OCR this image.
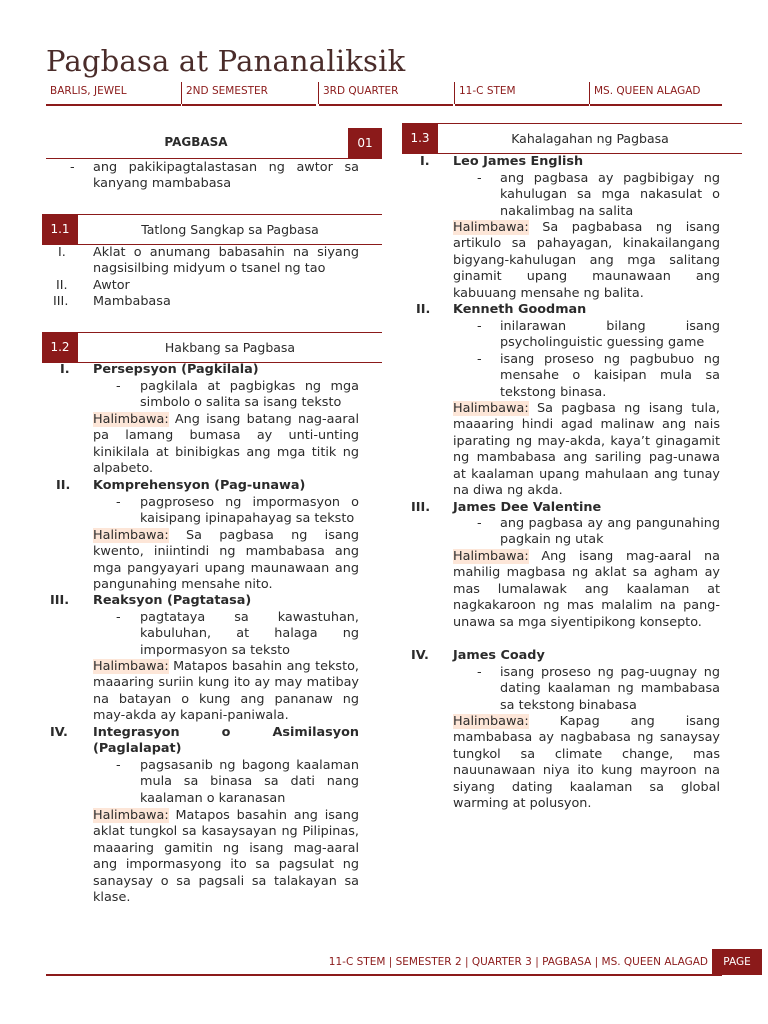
Pagbasa at Pananaliksik
BARLIS, JEWEL	2ND SEMESTER	3RD QUARTER	11-C STEM	MS. QUEEN ALAGAD
PAGBASA	01
- ang pakikipagtalastasan ng awtor sa kanyang mambabasa
1.1	Tatlong Sangkap sa Pagbasa
I. Aklat o anumang babasahin na siyang nagsisilbing midyum o tsanel ng tao
II. Awtor
III. Mambabasa
1.2	Hakbang sa Pagbasa
I. Persepsyon (Pagkilala)
- pagkilala at pagbigkas ng mga simbolo o salita sa isang teksto
Halimbawa: Ang isang batang nag-aaral pa lamang bumasa ay unti-unting kinikilala at binibigkas ang mga titik ng alpabeto.
II. Komprehensyon (Pag-unawa)
- pagproseso ng impormasyon o kaisipang ipinapahayag sa teksto
Halimbawa: Sa pagbasa ng isang kwento, iniintindi ng mambabasa ang mga pangyayari upang maunawaan ang pangunahing mensahe nito.
III. Reaksyon (Pagtatasa)
- pagtataya sa kawastuhan, kabuluhan, at halaga ng impormasyon sa teksto
Halimbawa: Matapos basahin ang teksto, maaaring suriin kung ito ay may matibay na batayan o kung ang pananaw ng may-akda ay kapani-paniwala.
IV. Integrasyon o Asimilasyon (Paglalapat)
- pagsasanib ng bagong kaalaman mula sa binasa sa dati nang kaalaman o karanasan
Halimbawa: Matapos basahin ang isang aklat tungkol sa kasaysayan ng Pilipinas, maaaring gamitin ng isang mag-aaral ang impormasyong ito sa pagsulat ng sanaysay o sa pagsali sa talakayan sa klase.
1.3	Kahalagahan ng Pagbasa
I. Leo James English
- ang pagbasa ay pagbibigay ng kahulugan sa mga nakasulat o nakalimbag na salita
Halimbawa: Sa pagbabasa ng isang artikulo sa pahayagan, kinakailangang bigyang-kahulugan ang mga salitang ginamit upang maunawaan ang kabuuang mensahe ng balita.
II. Kenneth Goodman
- inilarawan bilang isang psycholinguistic guessing game
- isang proseso ng pagbubuo ng mensahe o kaisipan mula sa tekstong binasa.
Halimbawa: Sa pagbasa ng isang tula, maaaring hindi agad malinaw ang nais iparating ng may-akda, kaya’t ginagamit ng mambabasa ang sariling pag-unawa at kaalaman upang mahulaan ang tunay na diwa ng akda.
III. James Dee Valentine
- ang pagbasa ay ang pangunahing pagkain ng utak
Halimbawa: Ang isang mag-aaral na mahilig magbasa ng aklat sa agham ay mas lumalawak ang kaalaman at nagkakaroon ng mas malalim na pang-unawa sa mga siyentipikong konsepto.
IV. James Coady
- isang proseso ng pag-uugnay ng dating kaalaman ng mambabasa sa tekstong binabasa
Halimbawa: Kapag ang isang mambabasa ay nagbabasa ng sanaysay tungkol sa climate change, mas nauunawaan niya ito kung mayroon na siyang dating kaalaman sa global warming at polusyon.
11-C STEM | SEMESTER 2 | QUARTER 3 | PAGBASA | MS. QUEEN ALAGAD	PAGE
